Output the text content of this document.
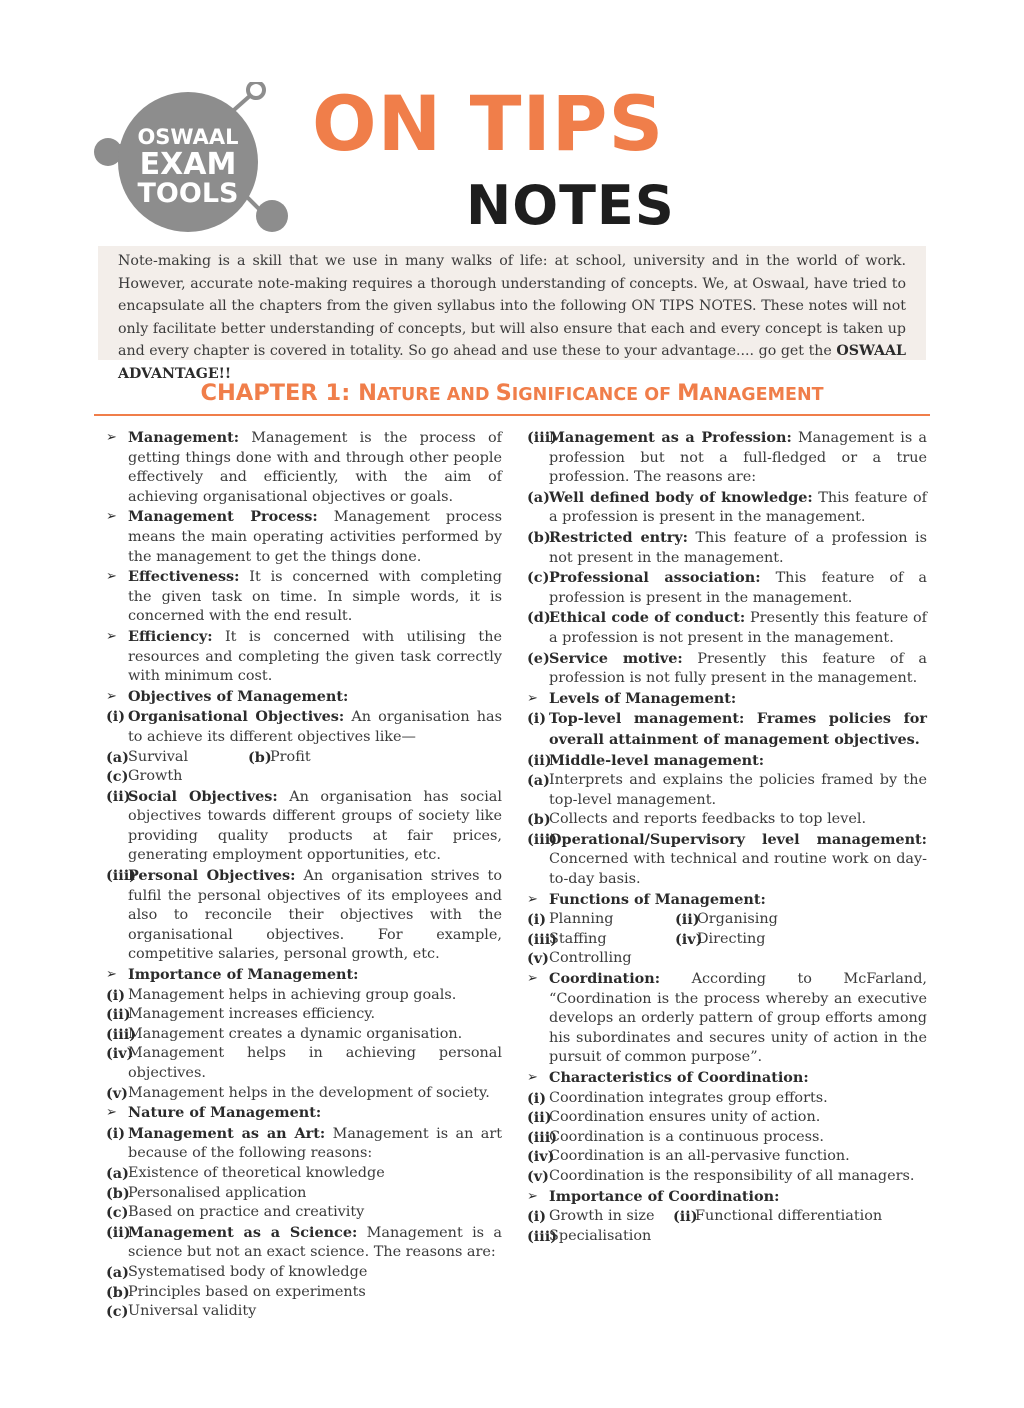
OSWAAL
EXAM
TOOLS
ON TIPS
NOTES
Note-making is a skill that we use in many walks of life: at school, university and in the world of work. However, accurate note-making requires a thorough understanding of concepts. We, at Oswaal, have tried to encapsulate all the chapters from the given syllabus into the following ON TIPS NOTES. These notes will not only facilitate better understanding of concepts, but will also ensure that each and every concept is taken up and every chapter is covered in totality. So go ahead and use these to your advantage.... go get the OSWAAL ADVANTAGE!!
CHAPTER 1: NATURE AND SIGNIFICANCE OF MANAGEMENT

➢ Management: Management is the process of getting things done with and through other people effectively and efficiently, with the aim of achieving organisational objectives or goals.

➢ Management Process: Management process means the main operating activities performed by the management to get the things done.

➢ Effectiveness: It is concerned with completing the given task on time. In simple words, it is concerned with the end result.

➢ Efficiency: It is concerned with utilising the resources and completing the given task correctly with minimum cost.

➢ Objectives of Management:

(i) Organisational Objectives: An organisation has to achieve its different objectives like—

(a) Survival	(b)
Profit

(c) Growth

(ii)
Social Objectives: An organisation has social objectives towards different groups of society like providing quality products at fair prices, generating employment opportunities, etc.

(iii)
Personal Objectives: An organisation strives to fulfil the personal objectives of its employees and also to reconcile their objectives with the organisational objectives. For example, competitive salaries, personal growth, etc.

➢ Importance of Management:

(i) Management helps in achieving group goals.

(ii)
Management increases efficiency.

(iii)
Management creates a dynamic organisation.

(iv)
Management helps in achieving personal objectives.

(v) Management helps in the development of society.

➢ Nature of Management:

(i) Management as an Art: Management is an art because of the following reasons:

(a) Existence of theoretical knowledge

(b)
Personalised application

(c) Based on practice and creativity

(ii)
Management as a Science: Management is a science but not an exact science. The reasons are:

(a) Systematised body of knowledge

(b)
Principles based on experiments

(c) Universal validity

(iii)
Management as a Profession: Management is a profession but not a full-fledged or a true profession. The reasons are:

(a) Well defined body of knowledge: This feature of a profession is present in the management.

(b)
Restricted entry: This feature of a profession is not present in the management.

(c) Professional association: This feature of a profession is present in the management.

(d)
Ethical code of conduct: Presently this feature of a profession is not present in the management.

(e) Service motive: Presently this feature of a profession is not fully present in the management.

➢ Levels of Management:

(i) Top-level management: Frames policies for overall attainment of management objectives.

(ii)
Middle-level management:

(a) Interprets and explains the policies framed by the top-level management.

(b)
Collects and reports feedbacks to top level.

(iii)
Operational/Supervisory level management: Concerned with technical and routine work on day-to-day basis.

➢ Functions of Management:

(i) Planning	(ii)
Organising

(iii)
Staffing	(iv)
Directing

(v) Controlling

➢ Coordination: According to McFarland, “Coordination is the process whereby an executive develops an orderly pattern of group efforts among his subordinates and secures unity of action in the pursuit of common purpose”.

➢ Characteristics of Coordination:

(i) Coordination integrates group efforts.

(ii)
Coordination ensures unity of action.

(iii)
Coordination is a continuous process.

(iv)
Coordination is an all-pervasive function.

(v) Coordination is the responsibility of all managers.

➢ Importance of Coordination:

(i) Growth in size	(ii)
Functional differentiation

(iii)
Specialisation
